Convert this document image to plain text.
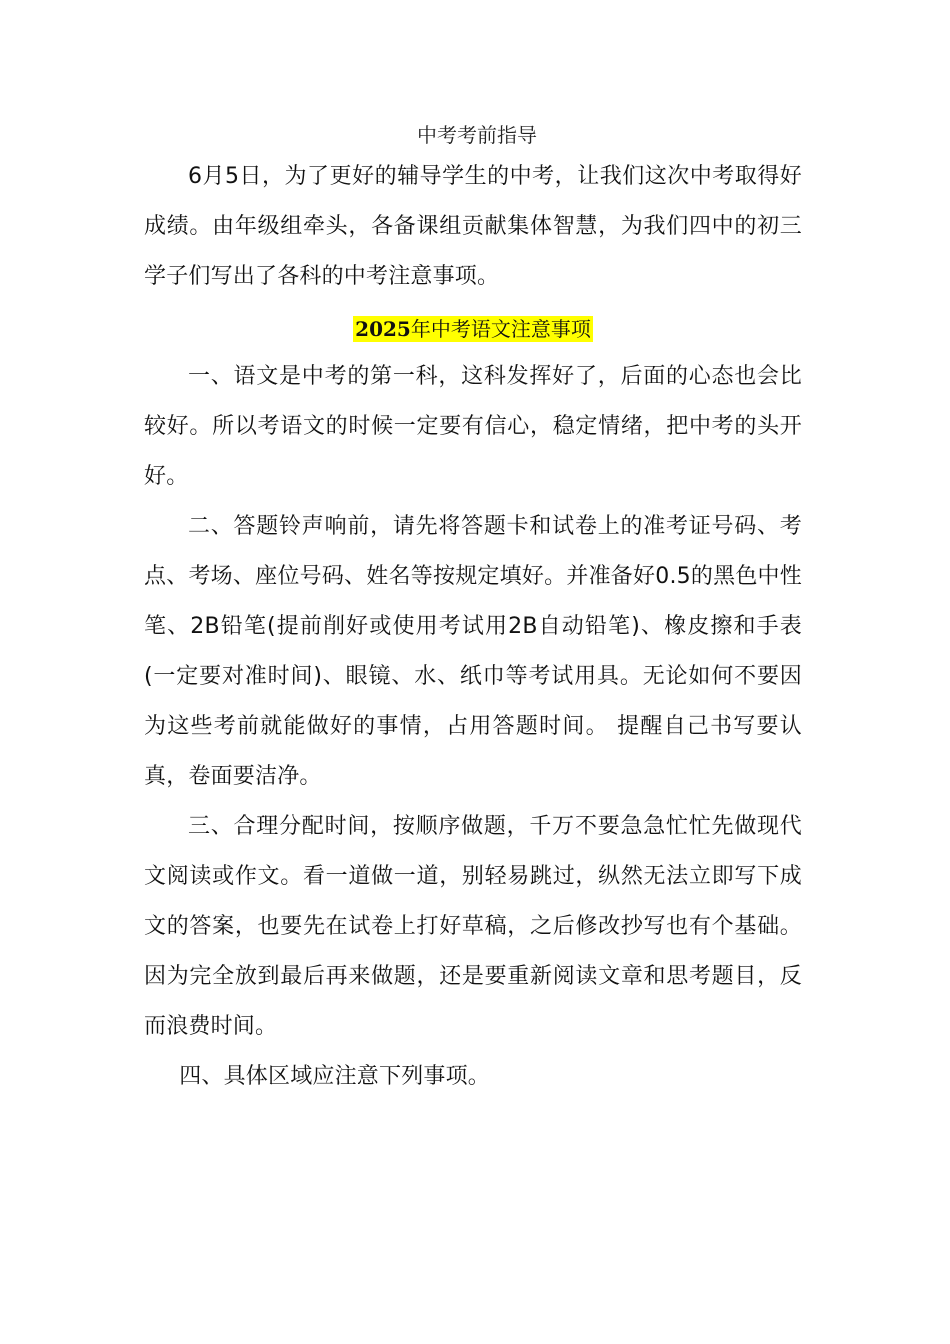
中考考前指导

6月5日，为了更好的辅导学生的中考，让我们这次中考取得好成绩。由年级组牵头，各备课组贡献集体智慧，为我们四中的初三学子们写出了各科的中考注意事项。

2025年中考语文注意事项

一、语文是中考的第一科，这科发挥好了，后面的心态也会比较好。所以考语文的时候一定要有信心，稳定情绪，把中考的头开好。

二、答题铃声响前，请先将答题卡和试卷上的准考证号码、考点、考场、座位号码、姓名等按规定填好。并准备好0.5的黑色中性笔、2B铅笔(提前削好或使用考试用2B自动铅笔)、橡皮擦和手表(一定要对准时间)、眼镜、水、纸巾等考试用具。无论如何不要因为这些考前就能做好的事情，占用答题时间。 提醒自己书写要认真，卷面要洁净。

三、合理分配时间，按顺序做题，千万不要急急忙忙先做现代文阅读或作文。看一道做一道，别轻易跳过，纵然无法立即写下成文的答案，也要先在试卷上打好草稿，之后修改抄写也有个基础。因为完全放到最后再来做题，还是要重新阅读文章和思考题目，反而浪费时间。

四、具体区域应注意下列事项。
